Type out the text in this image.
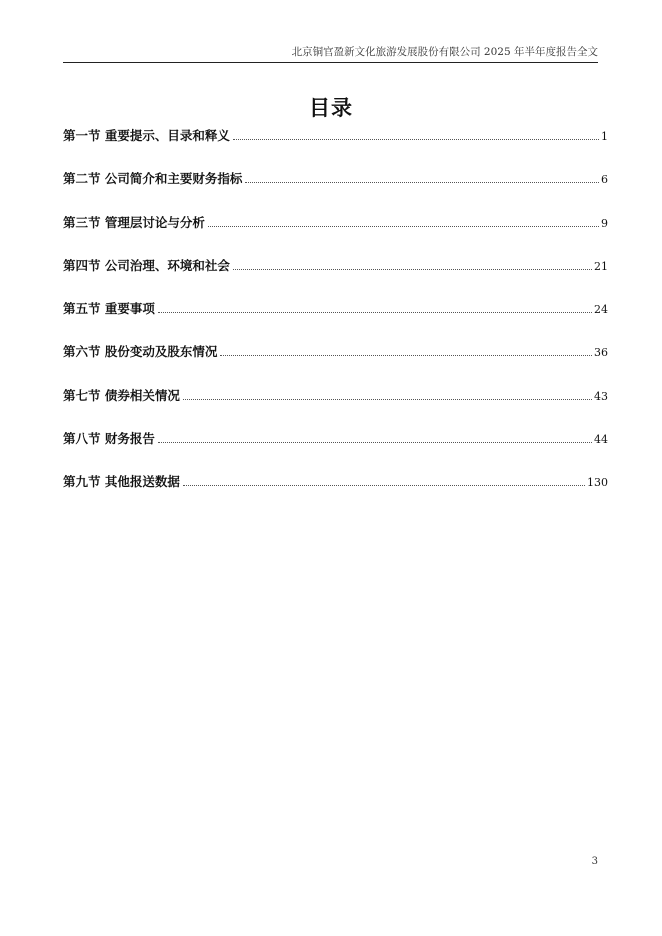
北京铜官盈新文化旅游发展股份有限公司 2025 年半年度报告全文
目录
第一节 重要提示、目录和释义	1
第二节 公司简介和主要财务指标	6
第三节 管理层讨论与分析	9
第四节 公司治理、环境和社会	21
第五节 重要事项	24
第六节 股份变动及股东情况	36
第七节 债券相关情况	43
第八节 财务报告	44
第九节 其他报送数据	130
3
